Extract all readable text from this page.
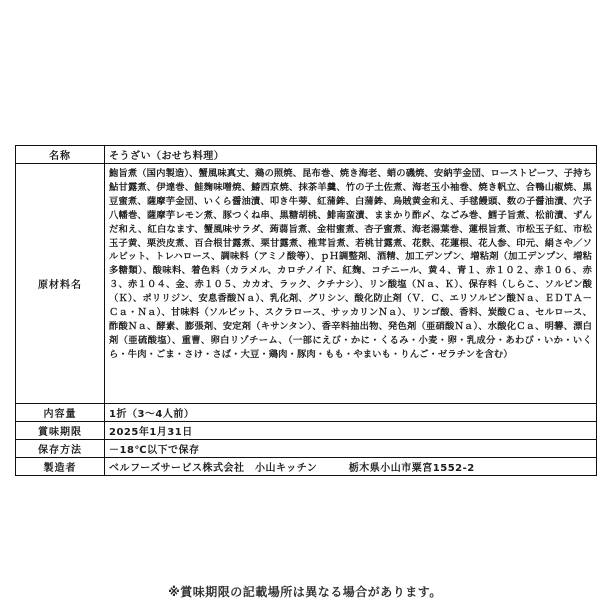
名称	そうざい（おせち料理）
原材料名	鮑旨煮（国内製造）、蟹風味真丈、鶏の照焼、昆布巻、焼き海老、蛸の磯焼、安納芋金団、ローストビーフ、子持ち鮎甘露煮、伊達巻、鮭麹味噌焼、鰆西京焼、抹茶羊羹、竹の子土佐煮、海老玉小袖巻、焼き帆立、合鴨山椒焼、黒豆蜜煮、薩摩芋金団、いくら醤油漬、叩き牛蒡、紅蒲鉾、白蒲鉾、烏賊黄金和え、手毬饅頭、数の子醤油漬、穴子八幡巻、薩摩芋レモン煮、豚つくね串、黒糖胡桃、鯡南蛮漬、ままかり酢〆、なごみ巻、鱈子旨煮、松前漬、ずんだ和え、紅白なます、蟹風味サラダ、蒟蒻旨煮、金柑蜜煮、杏子蜜煮、海老湯葉巻、蓮根旨煮、市松玉子紅、市松玉子黄、栗渋皮煮、百合根甘露煮、栗甘露煮、椎茸旨煮、若桃甘露煮、花麩、花蓮根、花人参、印元、絹さや／ソルビット、トレハロース、調味料（アミノ酸等）、ｐＨ調整剤、酒精、加工デンプン、増粘剤（加工デンプン、増粘多糖類）、酸味料、着色料（カラメル、カロチノイド、紅麹、コチニール、黄４、青１、赤１０２、赤１０６、赤３、赤１０４、金、赤１０５、カカオ、ラック、クチナシ）、リン酸塩（Ｎａ、Ｋ）、保存料（しらこ、ソルビン酸（Ｋ）、ポリリジン、安息香酸Ｎａ）、乳化剤、グリシン、酸化防止剤（Ｖ．Ｃ、エリソルビン酸Ｎａ、ＥＤＴＡ－Ｃａ・Ｎａ）、甘味料（ソルビット、スクラロース、サッカリンＮａ）、リンゴ酸、香料、炭酸Ｃａ、セルロース、酢酸Ｎａ、酵素、膨張剤、安定剤（キサンタン）、香辛料抽出物、発色剤（亜硝酸Ｎａ）、水酸化Ｃａ、明礬、漂白剤（亜硫酸塩）、重曹、卵白リゾチーム、（一部にえび・かに・くるみ・小麦・卵・乳成分・あわび・いか・いくら・牛肉・ごま・さけ・さば・大豆・鶏肉・豚肉・もも・やまいも・りんご・ゼラチンを含む）
内容量	1折（3～4人前）
賞味期限	2025年1月31日
保存方法	－18℃以下で保存
製造者	ベルフーズサービス株式会社　小山キッチン　　　栃木県小山市粟宮1552-2
※賞味期限の記載場所は異なる場合があります。
